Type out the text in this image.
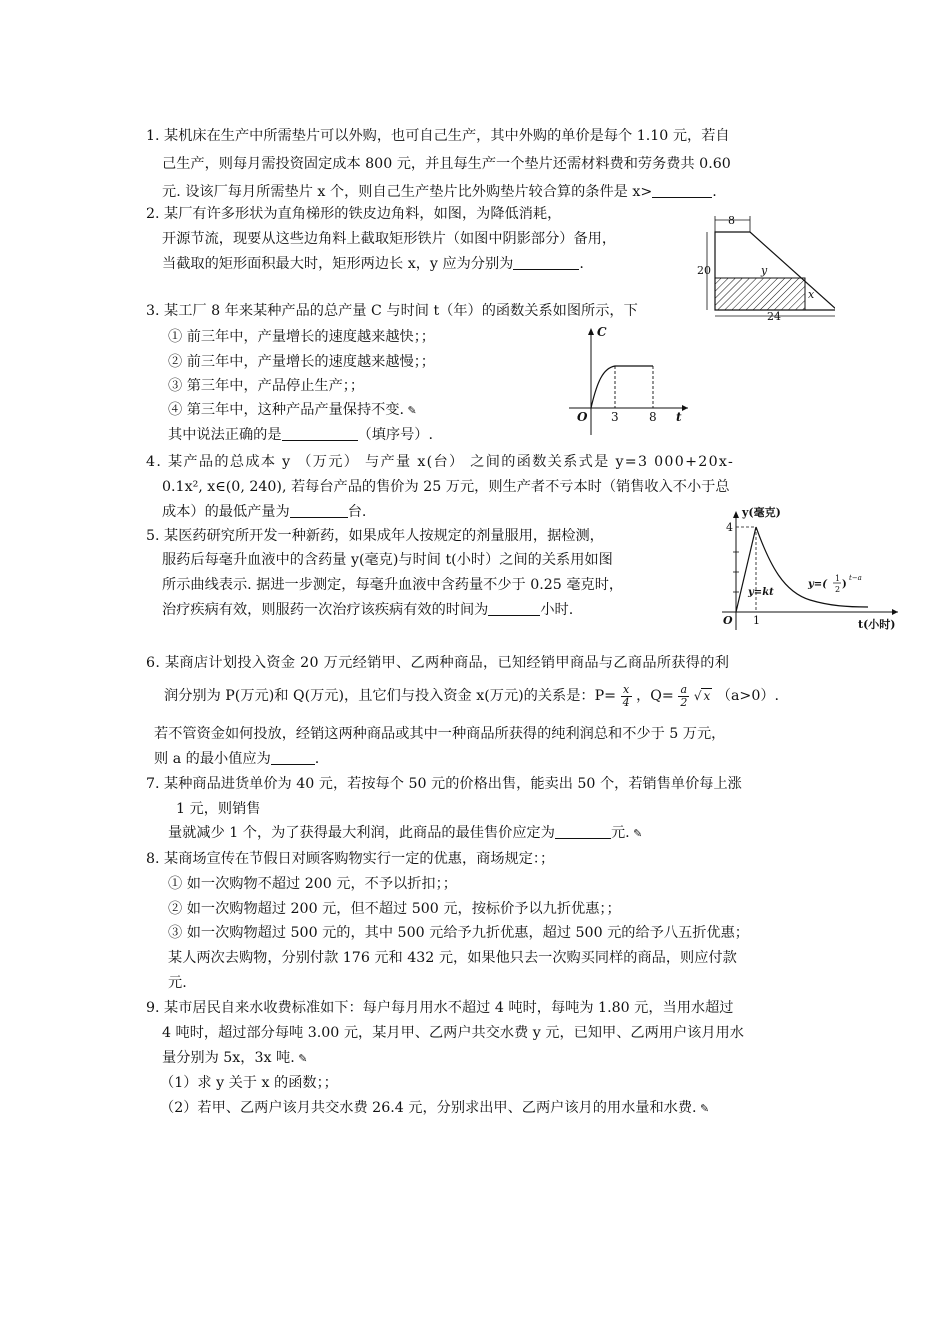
1. 某机床在生产中所需垫片可以外购，也可自己生产，其中外购的单价是每个 1.10 元，若自
己生产，则每月需投资固定成本 800 元，并且每生产一个垫片还需材料费和劳务费共 0.60
元. 设该厂每月所需垫片 x 个，则自己生产垫片比外购垫片较合算的条件是 x>	.
2. 某厂有许多形状为直角梯形的铁皮边角料，如图，为降低消耗，
开源节流，现要从这些边角料上截取矩形铁片（如图中阴影部分）备用，
当截取的矩形面积最大时，矩形两边长 x，y 应为分别为	.
8
20
24
y
x
3. 某工厂 8 年来某种产品的总产量 C 与时间 t（年）的函数关系如图所示，下
① 前三年中，产量增长的速度越来越快；；
② 前三年中，产量增长的速度越来越慢；；
③ 第三年中，产品停止生产；；
④ 第三年中，这种产品产量保持不变. ✎
其中说法正确的是	（填序号）.
C
t
O 3	8
4. 某产品的总成本 y （万元） 与产量 x(台） 之间的函数关系式是 y=3 000+20x-
0.1x², x∈(0, 240), 若每台产品的售价为 25 万元，则生产者不亏本时（销售收入不小于总
成本）的最低产量为	台.
5. 某医药研究所开发一种新药，如果成年人按规定的剂量服用，据检测，
服药后每毫升血液中的含药量 y(毫克)与时间 t(小时）之间的关系用如图
所示曲线表示. 据进一步测定，每毫升血液中含药量不少于 0.25 毫克时，
治疗疾病有效，则服药一次治疗该疾病有效的时间为	小时.
y(毫克)
t(小时)
O
4
1
y=kt
y=(
1
2 )
t−a
6. 某商店计划投入资金 20 万元经销甲、乙两种商品，已知经销甲商品与乙商品所获得的利
润分别为 P(万元)和 Q(万元)，且它们与投入资金 x(万元)的关系是：$P= \frac{x}{4}$ ，$Q= \frac{a}{2}$ √ x （a>0）.
若不管资金如何投放，经销这两种商品或其中一种商品所获得的纯利润总和不少于 5 万元，
则 a 的最小值应为	.
7. 某种商品进货单价为 40 元，若按每个 50 元的价格出售，能卖出 50 个，若销售单价每上涨
1 元，则销售
量就减少 1 个，为了获得最大利润，此商品的最佳售价应定为	元. ✎
8. 某商场宣传在节假日对顾客购物实行一定的优惠，商场规定：；
① 如一次购物不超过 200 元，不予以折扣；；
② 如一次购物超过 200 元，但不超过 500 元，按标价予以九折优惠；；
③ 如一次购物超过 500 元的，其中 500 元给予九折优惠，超过 500 元的给予八五折优惠；
某人两次去购物，分别付款 176 元和 432 元，如果他只去一次购买同样的商品，则应付款
元.
9. 某市居民自来水收费标准如下：每户每月用水不超过 4 吨时，每吨为 1.80 元，当用水超过
4 吨时，超过部分每吨 3.00 元，某月甲、乙两户共交水费 y 元，已知甲、乙两用户该月用水
量分别为 5x，3x 吨. ✎
（1）求 y 关于 x 的函数；；
（2）若甲、乙两户该月共交水费 26.4 元，分别求出甲、乙两户该月的用水量和水费. ✎
